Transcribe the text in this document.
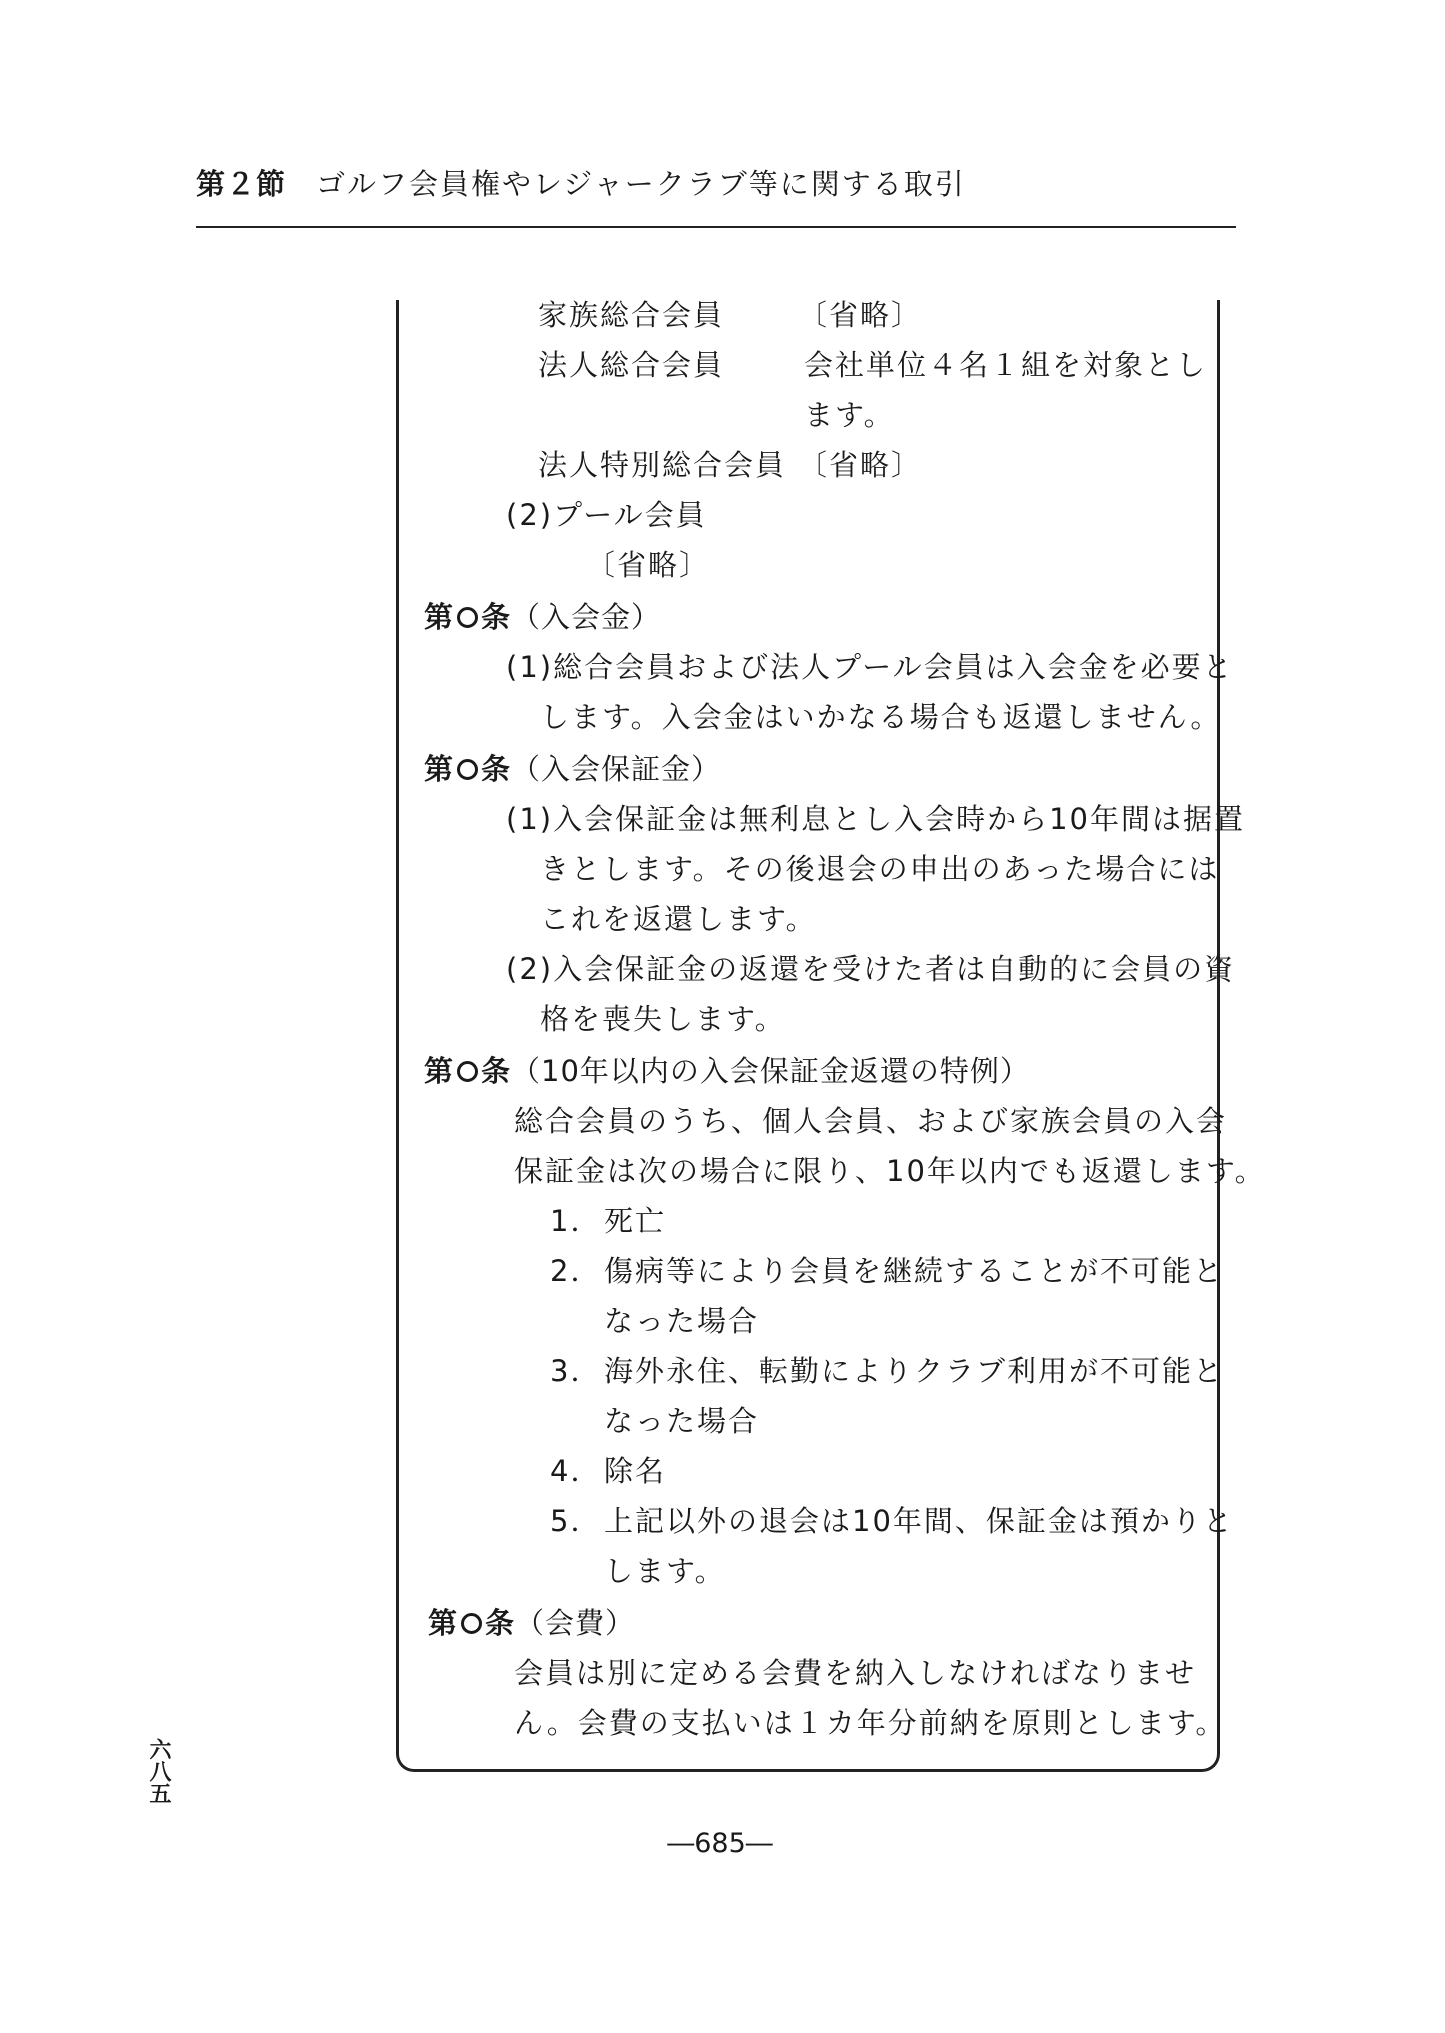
第２節 ゴルフ会員権やレジャークラブ等に関する取引
家族総合会員	〔省略〕
法人総合会員	会社単位４名１組を対象とし
ます。
法人特別総合会員 〔省略〕
(2)プール会員
〔省略〕
第 条（入会金）
(1)総合会員および法人プール会員は入会金を必要と
します。入会金はいかなる場合も返還しません。
第 条（入会保証金）
(1)入会保証金は無利息とし入会時から10年間は据置
きとします。その後退会の申出のあった場合には
これを返還します。
(2)入会保証金の返還を受けた者は自動的に会員の資
格を喪失します。
第 条（10年以内の入会保証金返還の特例）
総合会員のうち、個人会員、および家族会員の入会
保証金は次の場合に限り、10年以内でも返還します。
1． 死亡
2． 傷病等により会員を継続することが不可能と
なった場合
3． 海外永住、転勤によりクラブ利用が不可能と
なった場合
4． 除名
5． 上記以外の退会は10年間、保証金は預かりと
します。
第 条（会費）
会員は別に定める会費を納入しなければなりませ
ん。会費の支払いは１カ年分前納を原則とします。
六八五
―685―
